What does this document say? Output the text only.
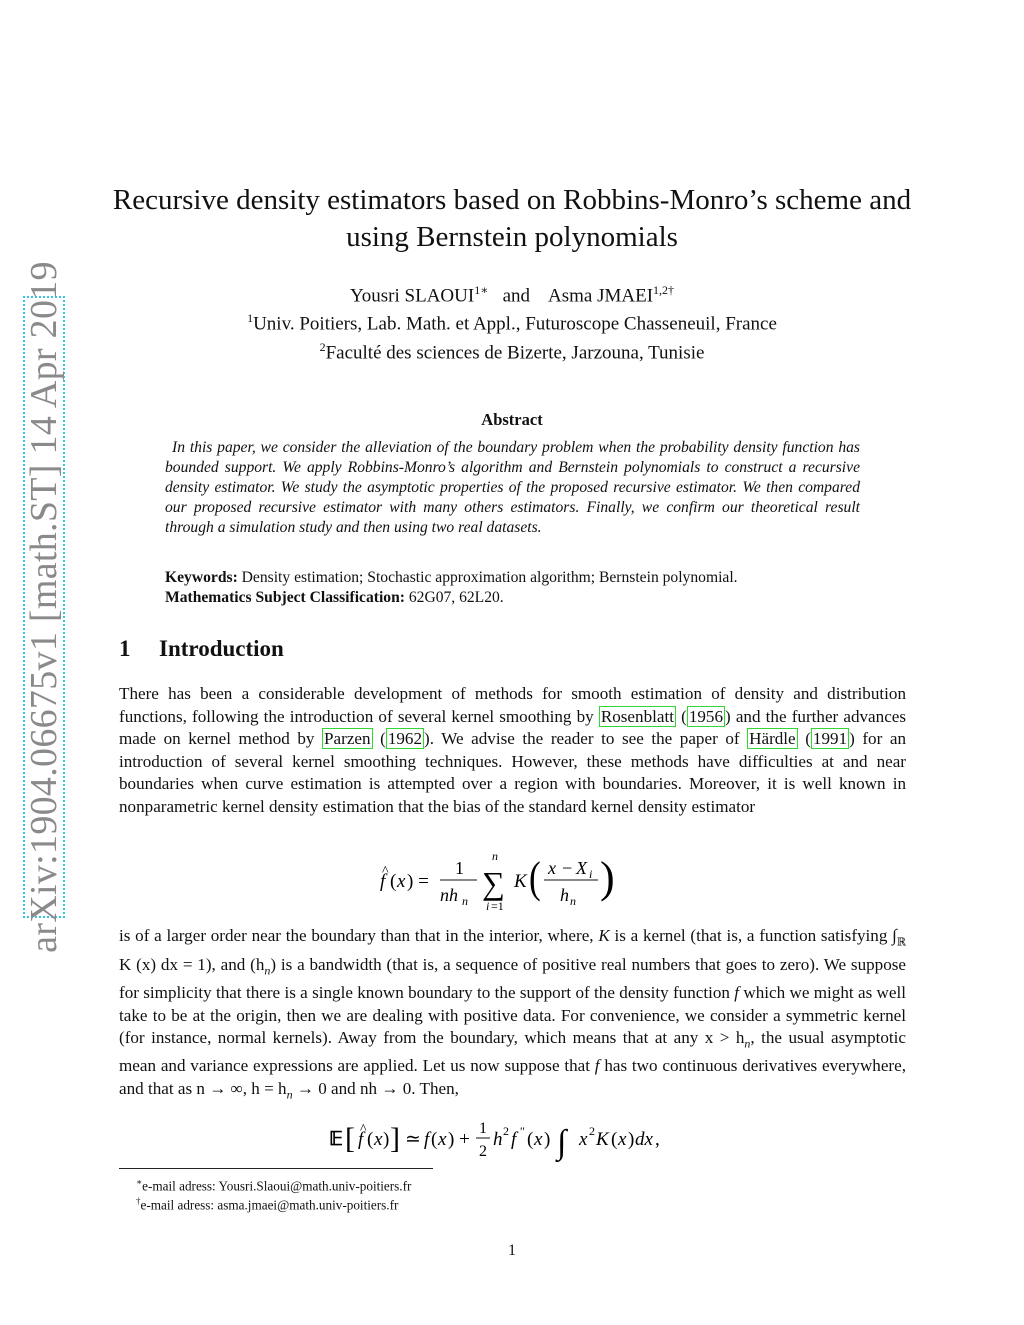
arXiv:1904.06675v1 [math.ST] 14 Apr 2019
Recursive density estimators based on Robbins-Monro’s scheme and
using Bernstein polynomials
Yousri $SLAOUI^{1∗}$ and Asma $JMAEI^{1,2\dagger}$
$^1$Univ. Poitiers, Lab. Math. et Appl., Futuroscope Chasseneuil, France
$^2$Faculté des sciences de Bizerte, Jarzouna, Tunisie
Abstract
In this paper, we consider the alleviation of the boundary problem when the probability density function has bounded support. We apply Robbins-Monro’s algorithm and Bernstein polynomials to construct a recursive density estimator. We study the asymptotic properties of the proposed recursive estimator. We then compared our proposed recursive estimator with many others estimators. Finally, we confirm our theoretical result through a simulation study and then using two real datasets.
Keywords: Density estimation; Stochastic approximation algorithm; Bernstein polynomial.
Mathematics Subject Classification: 62G07, 62L20.
1 Introduction
There has been a considerable development of methods for smooth estimation of density and distribution functions, following the introduction of several kernel smoothing by Rosenblatt ( 1956 ) and the further advances made on kernel method by Parzen ( 1962 ). We advise the reader to see the paper of Härdle ( 1991 ) for an introduction of several kernel smoothing techniques. However, these methods have difficulties at and near boundaries when curve estimation is attempted over a region with boundaries. Moreover, it is well known in nonparametric kernel density estimation that the bias of the standard kernel density estimator
f
^ ( x ) =
1
nh n
n
∑
i =1
K ( x − X i
h n )
is of a larger order near the boundary than that in the interior, where, K is a kernel (that is, a function satisfying $\int_ℝ$ K (x) dx = 1), and $(h_n)$ is a bandwidth (that is, a sequence of positive real numbers that goes to zero). We suppose for simplicity that there is a single known boundary to the support of the density function f which we might as well take to be at the origin, then we are dealing with positive data. For convenience, we consider a symmetric kernel (for instance, normal kernels). Away from the boundary, which means that at any $x > h_n$, the usual asymptotic mean and variance expressions are applied. Let us now suppose that f has two continuous derivatives everywhere, and that as n → ∞, $h = h_n \to 0$ and nh → 0. Then,
𝔼 [ f
^ ( x ) ] ≃ f ( x ) +
1
2
h 2 f ″ ( x ) ∫ x 2 K ( x ) dx ,
∗e-mail adress: Yousri.Slaoui@math.univ-poitiers.fr
†e-mail adress: asma.jmaei@math.univ-poitiers.fr
1
